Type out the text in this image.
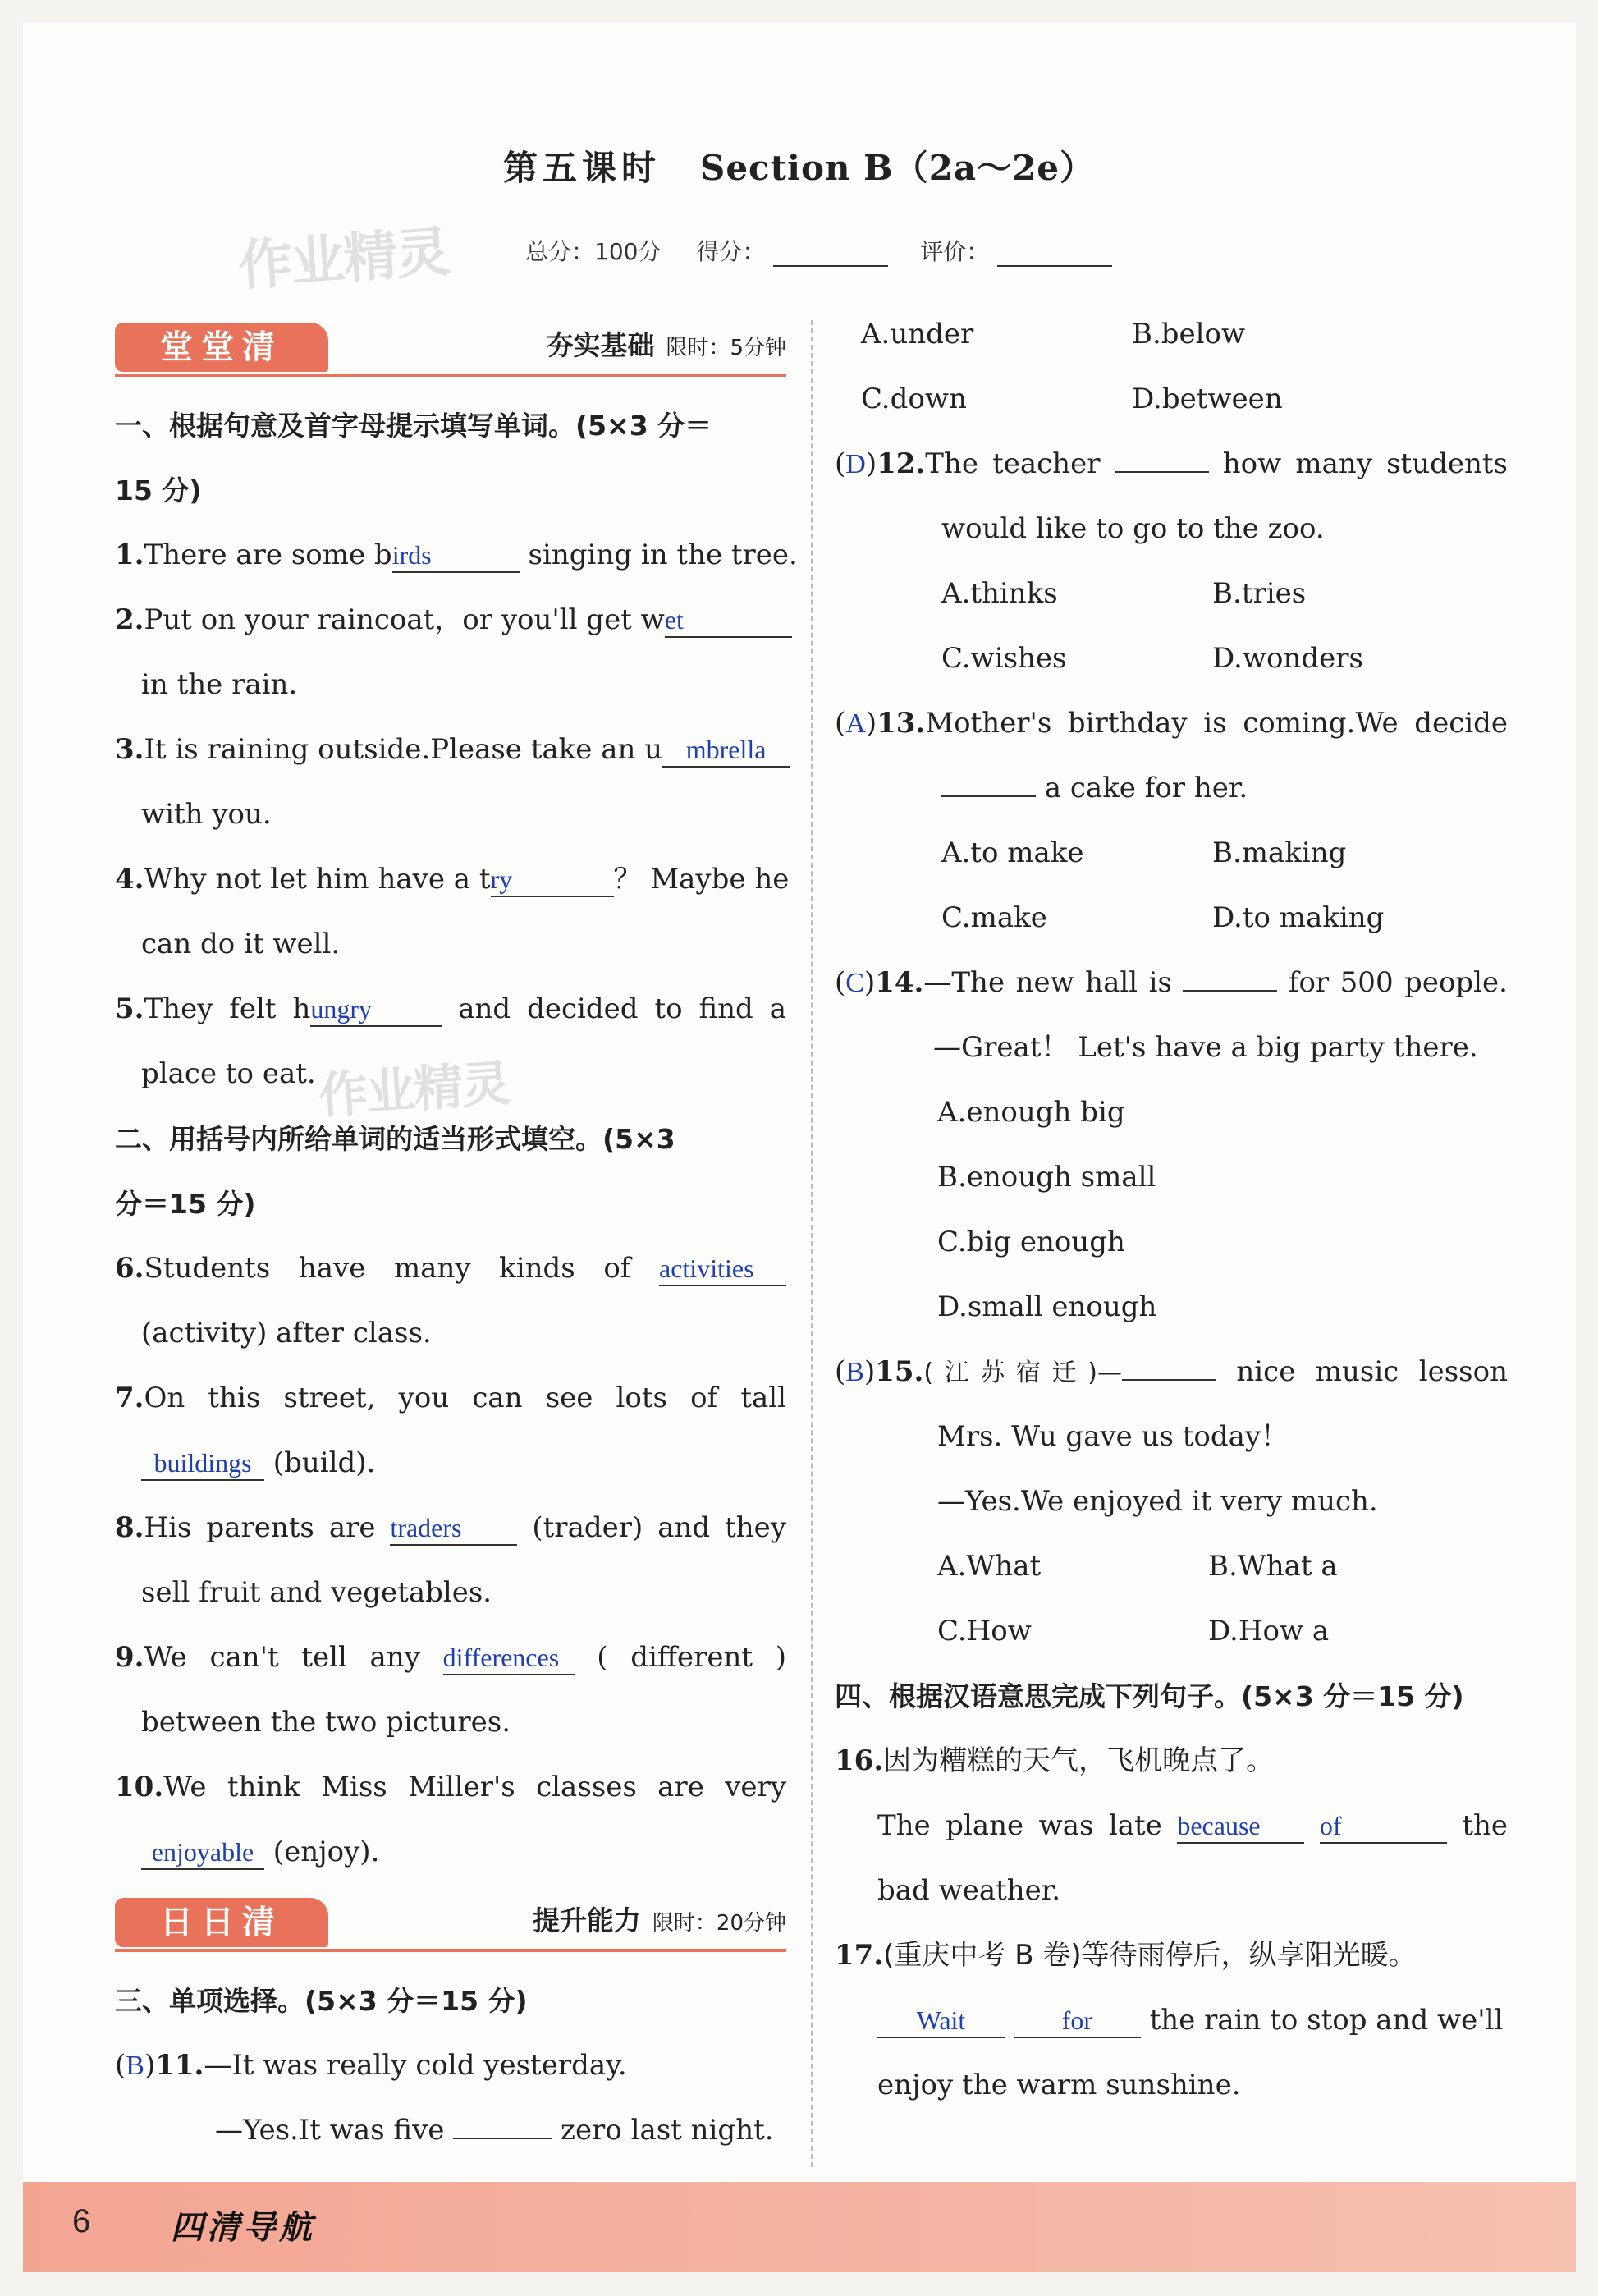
第五课时 Section B（2a～2e）
总分：100分 得分：	评价：
作业精灵
作业精灵
堂堂清	夯实基础 限时：5分钟
一、根据句意及首字母提示填写单词。(5×3 分＝
15 分)
1.There are some birds	singing in the tree.
2.Put on your raincoat，or you'll get wet
in the rain.
3.It is raining outside.Please take an u mbrella
with you.
4.Why not let him have a try	？ Maybe he
can do it well.
5.They felt hungry	and decided to find a
place to eat.
二、用括号内所给单词的适当形式填空。(5×3
分＝15 分)
6.Students have many kinds of activities
(activity) after class.
7.On this street, you can see lots of tall
buildings (build).
8.His parents are traders (trader) and they
sell fruit and vegetables.
9.We can't tell any differences ( different )
between the two pictures.
10.We think Miss Miller's classes are very
enjoyable (enjoy).
日日清	提升能力 限时：20分钟
三、单项选择。(5×3 分＝15 分)
(B)11.—It was really cold yesterday.
—Yes.It was five	zero last night.
A.under	B.below
C.down	D.between
(D)12.The teacher	how many students
would like to go to the zoo.
A.thinks	B.tries
C.wishes	D.wonders
(A)13.Mother's birthday is coming.We decide
a cake for her.
A.to make	B.making
C.make	D.to making
(C)14.—The new hall is	for 500 people.
—Great！ Let's have a big party there.
A.enough big
B.enough small
C.big enough
D.small enough
(B)15.(江苏宿迁)—	nice music lesson
Mrs. Wu gave us today！
—Yes.We enjoyed it very much.
A.What	B.What a
C.How	D.How a
四、根据汉语意思完成下列句子。(5×3 分＝15 分)
16.因为糟糕的天气，飞机晚点了。
The plane was late because of	the
bad weather.
17.(重庆中考 B 卷)等待雨停后，纵享阳光暖。
Wait	for the rain to stop and we'll
enjoy the warm sunshine.
6 四清导航
